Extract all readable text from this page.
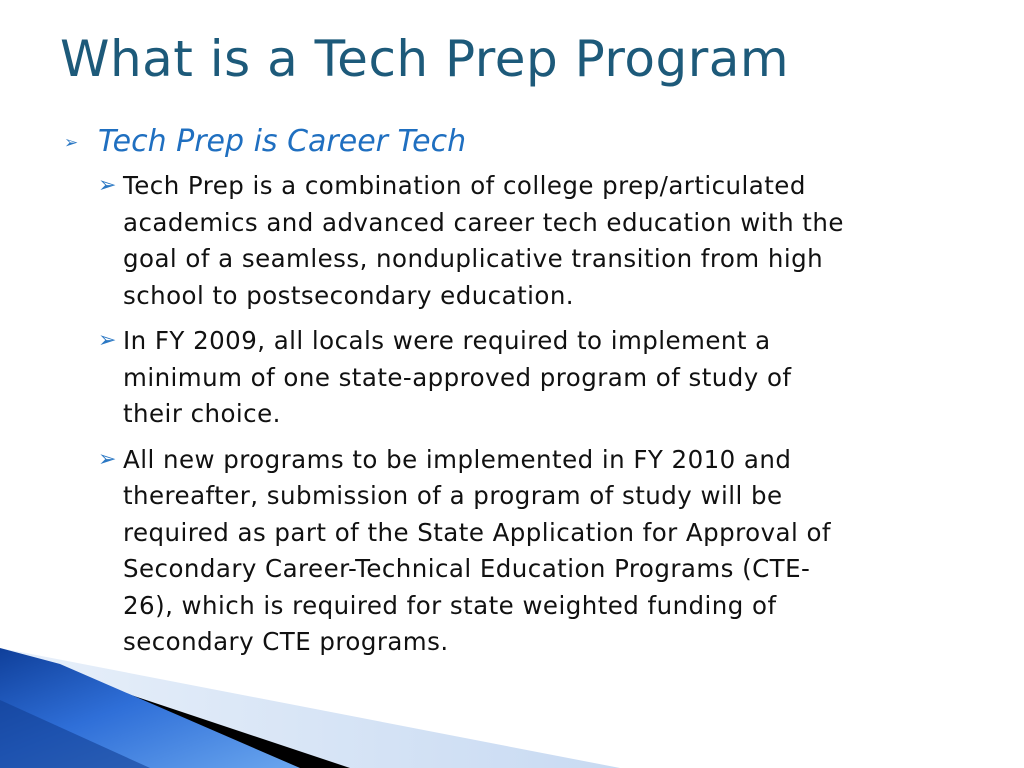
What is a Tech Prep Program
➢ Tech Prep is Career Tech
➢ Tech Prep is a combination of college prep/articulated
academics and advanced career tech education with the
goal of a seamless, nonduplicative transition from high
school to postsecondary education.
➢ In FY 2009, all locals were required to implement a
minimum of one state-approved program of study of
their choice.
➢ All new programs to be implemented in FY 2010 and
thereafter, submission of a program of study will be
required as part of the State Application for Approval of
Secondary Career-Technical Education Programs (CTE-
26), which is required for state weighted funding of
secondary CTE programs.
